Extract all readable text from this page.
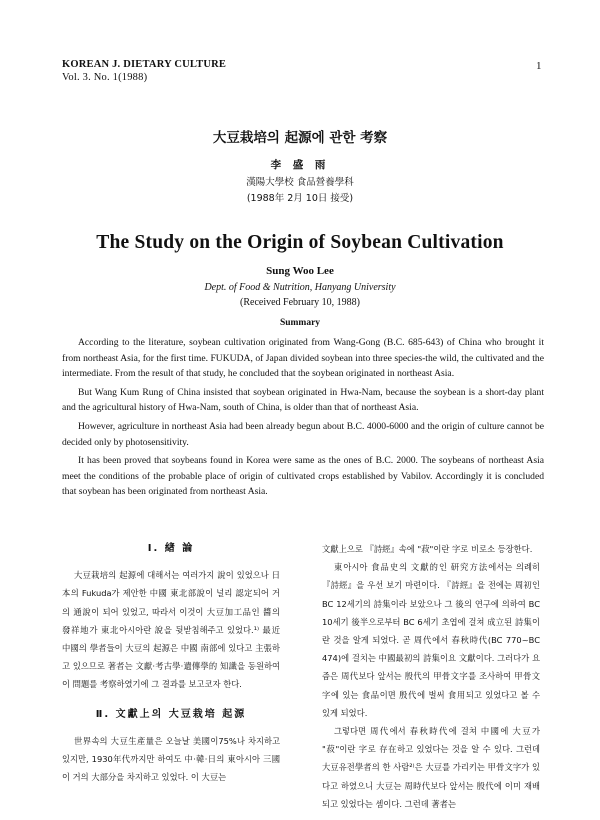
KOREAN J. DIETARY CULTURE
Vol. 3. No. 1(1988)
1
大豆栽培의 起源에 관한 考察
李 盛 雨
漢陽大學校 食品營養學科
(1988年 2月 10日 接受)
The Study on the Origin of Soybean Cultivation
Sung Woo Lee
Dept. of Food & Nutrition, Hanyang University
(Received February 10, 1988)
Summary

According to the literature, soybean cultivation originated from Wang-Gong (B.C. 685-643) of China who brought it from northeast Asia, for the first time. FUKUDA, of Japan divided soybean into three species-the wild, the cultivated and the intermediate. From the result of that study, he concluded that the soybean originated in northeast Asia.

But Wang Kum Rung of China insisted that soybean originated in Hwa-Nam, because the soybean is a short-day plant and the agricultural history of Hwa-Nam, south of China, is older than that of northeast Asia.

However, agriculture in northeast Asia had been already begun about B.C. 4000-6000 and the origin of culture cannot be decided only by photosensitivity.

It has been proved that soybeans found in Korea were same as the ones of B.C. 2000. The soybeans of northeast Asia meet the conditions of the probable place of origin of cultivated crops established by Vabilov. Accordingly it is concluded that soybean has been originated from northeast Asia.

Ⅰ. 緖 論

大豆栽培의 起源에 대해서는 여러가지 說이 있었으나 日本의 Fukuda가 제안한 中國 東北部說이 널리 認定되어 거의 通說이 되어 있었고, 따라서 이것이 大豆加工品인 醬의 發祥地가 東北아시아란 說을 뒷받침해주고 있었다.¹⁾ 最近 中國의 學者들이 大豆의 起源은 中國 南部에 있다고 主張하고 있으므로 著者는 文獻·考古學·遺傳學的 知識을 동원하여 이 問題를 考察하였기에 그 결과를 보고코자 한다.

Ⅱ. 文獻上의 大豆栽培 起源

世界속의 大豆生產量은 오늘날 美國이75%나 차지하고 있지만, 1930年代까지만 하여도 中·韓·日의 東아시아 三國이 거의 大部分을 차지하고 있었다. 이 大豆는

文獻上으로 『詩經』속에 "菽"이란 字로 비로소 등장한다.

東아시아 食品史의 文獻的인 研究方法에서는 의례히 『詩經』을 우선 보기 마련이다. 『詩經』을 전에는 周初인 BC 12세기의 詩集이라 보았으나 그 後의 연구에 의하여 BC 10세기 後半으로부터 BC 6세기 초엽에 걸쳐 成立된 詩集이란 것을 알게 되었다. 곧 周代에서 春秋時代(BC 770~BC 474)에 걸치는 中國最初의 詩集이요 文獻이다. 그러다가 요즘은 周代보다 앞서는 殷代의 甲骨文字를 조사하여 甲骨文字에 있는 食品이면 殷代에 벌써 食用되고 있었다고 볼 수 있게 되었다.

그렇다면 周代에서 春秋時代에 걸쳐 中國에 大豆가 "菽"이란 字로 存在하고 있었다는 것을 알 수 있다. 그런데 大豆유전學者의 한 사람²⁾은 大豆를 가리키는 甲骨文字가 있다고 하였으니 大豆는 周時代보다 앞서는 殷代에 이미 재배되고 있었다는 셈이다. 그런데 著者는
